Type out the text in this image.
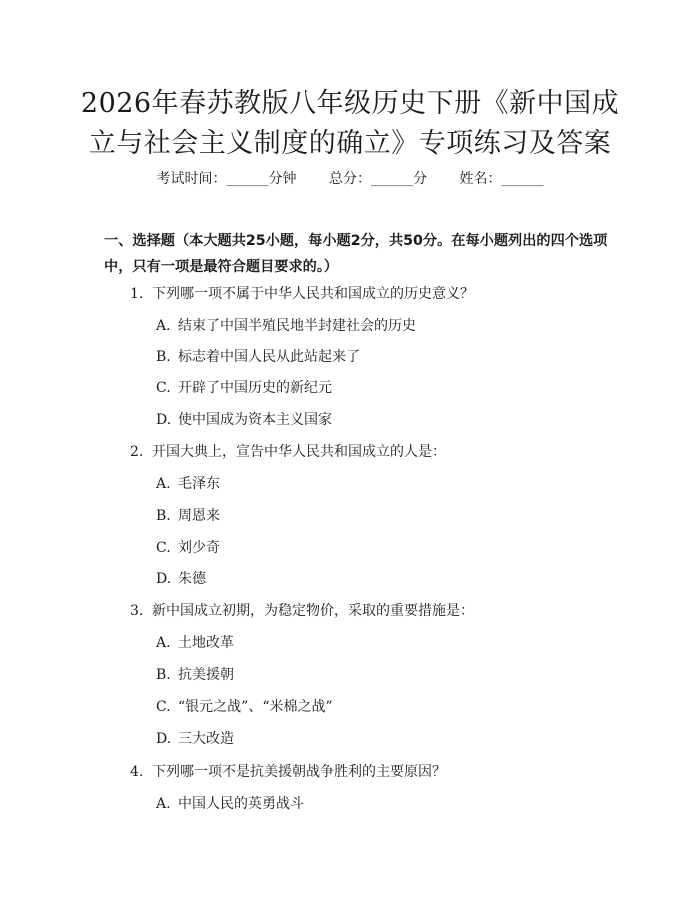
2026年春苏教版八年级历史下册《新中国成
立与社会主义制度的确立》专项练习及答案
考试时间：______分钟 总分：______分 姓名：______
一、选择题（本大题共25小题，每小题2分，共50分。在每小题列出的四个选项中，只有一项是最符合题目要求的。）
1. 下列哪一项不属于中华人民共和国成立的历史意义？
A. 结束了中国半殖民地半封建社会的历史
B. 标志着中国人民从此站起来了
C. 开辟了中国历史的新纪元
D. 使中国成为资本主义国家
2. 开国大典上，宣告中华人民共和国成立的人是：
A. 毛泽东
B. 周恩来
C. 刘少奇
D. 朱德
3. 新中国成立初期，为稳定物价，采取的重要措施是：
A. 土地改革
B. 抗美援朝
C. “银元之战”、“米棉之战”
D. 三大改造
4. 下列哪一项不是抗美援朝战争胜利的主要原因？
A. 中国人民的英勇战斗
